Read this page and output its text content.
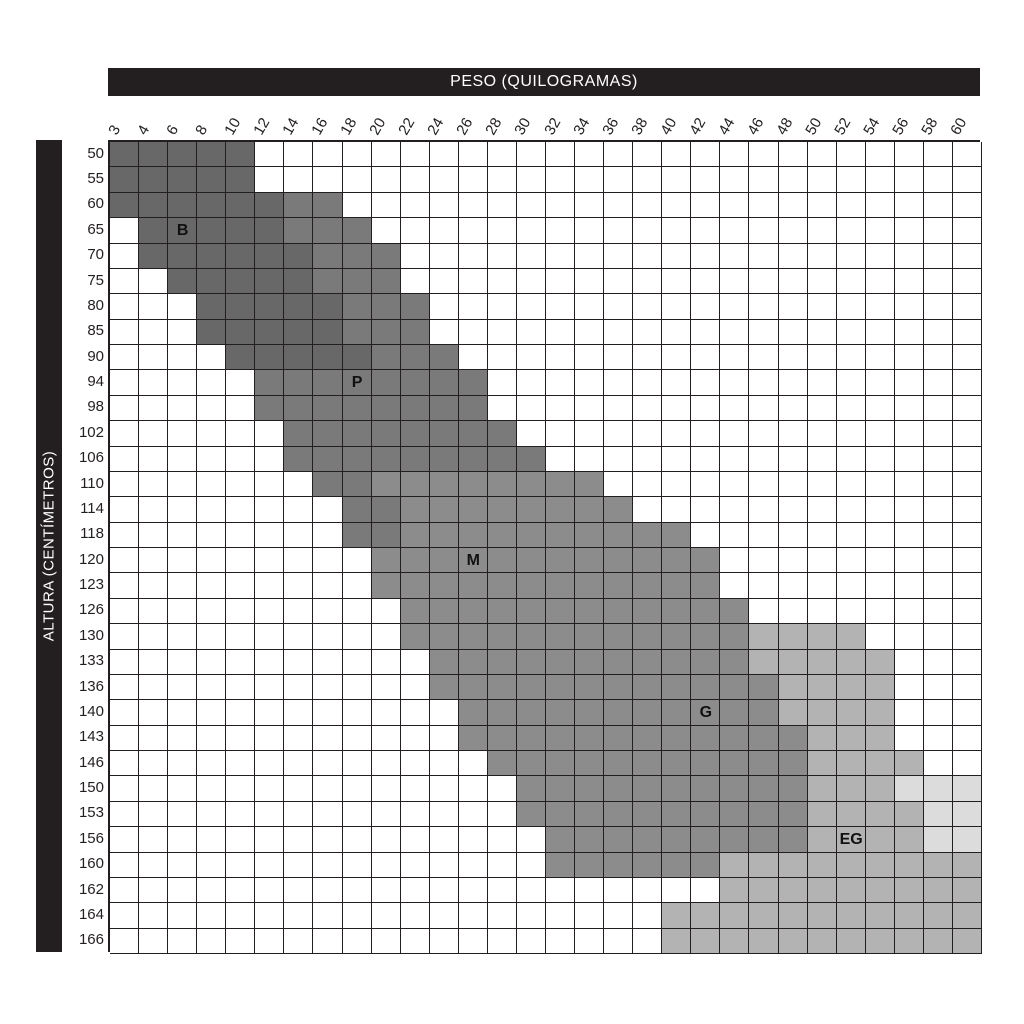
PESO (QUILOGRAMAS)
ALTURA (CENTÍMETROS)
3 4 6 8 10 12 14 16 18 20 22 24 26 28 30 32 34 36 38 40 42 44 46 48 50 52 54 56 58 60
50
55
60
65
70
75
80
85
90
94
98
102
106
110
114
118
120
123
126
130
133
136
140
143
146
150
153
156
160
162
164
166
B
P
M
G
EG
